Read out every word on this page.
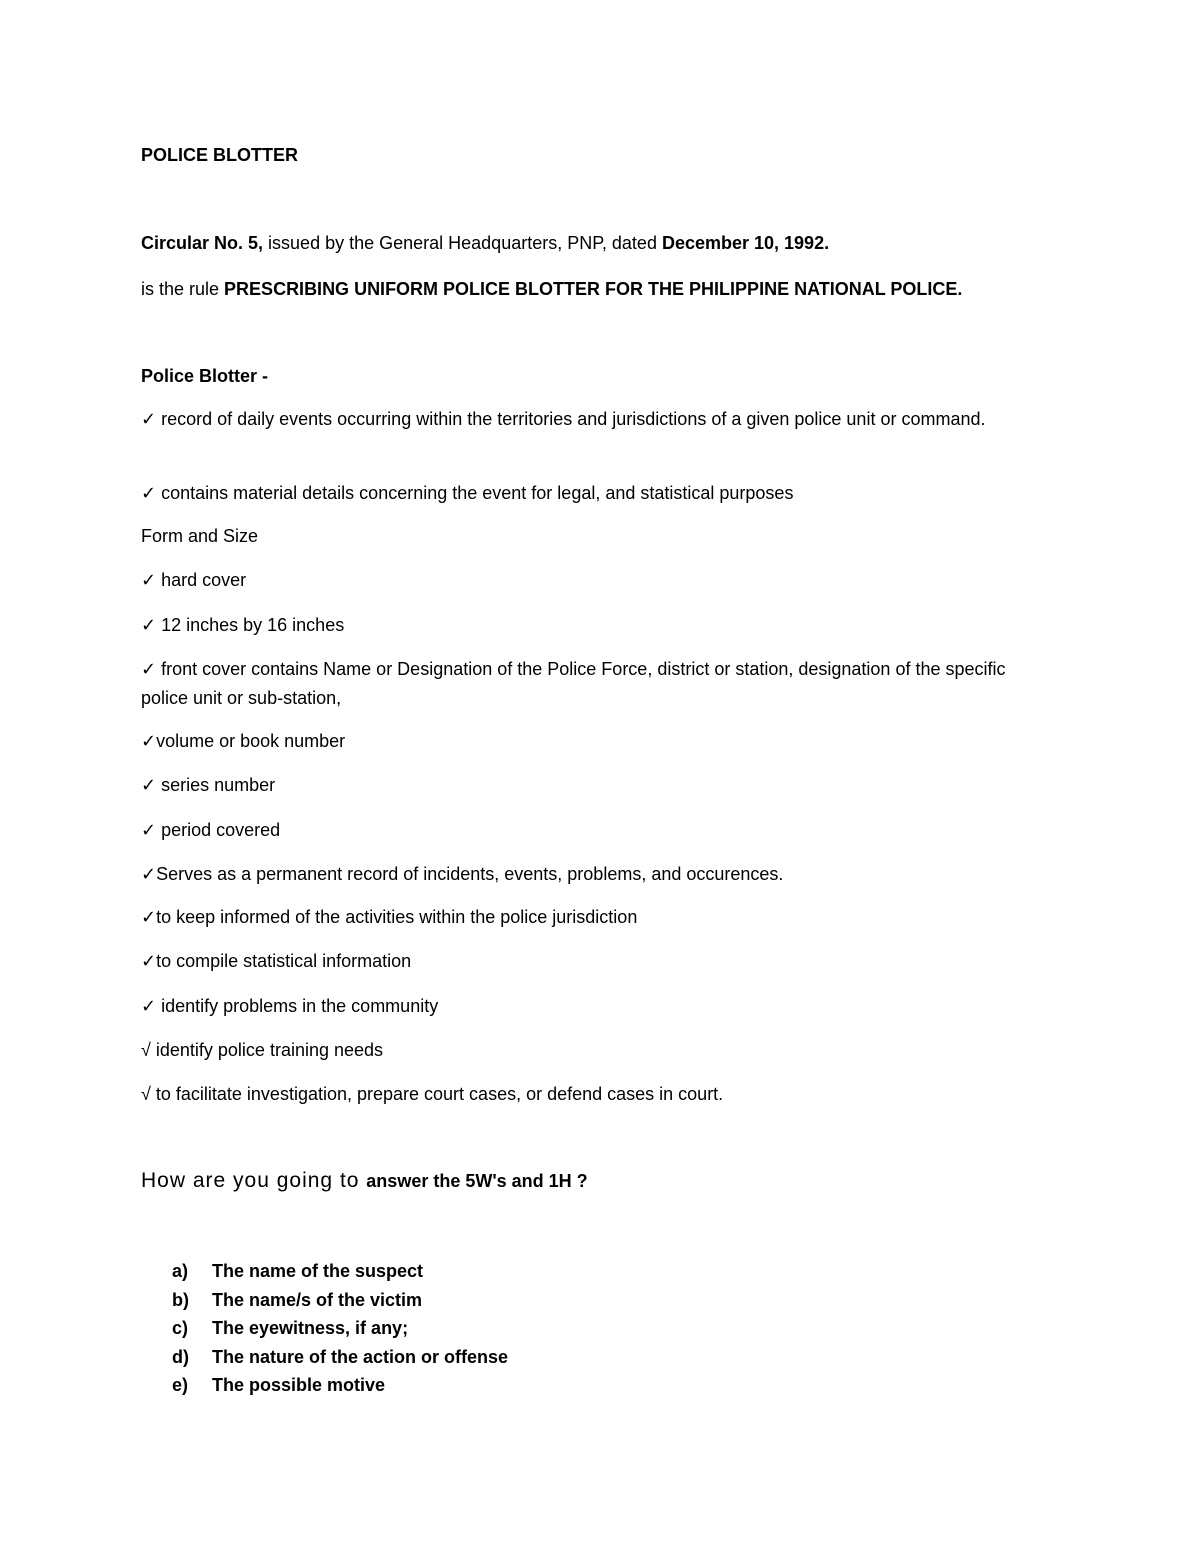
POLICE BLOTTER
Circular No. 5, issued by the General Headquarters, PNP, dated December 10, 1992.
is the rule PRESCRIBING UNIFORM POLICE BLOTTER FOR THE PHILIPPINE NATIONAL POLICE.
Police Blotter -
✓ record of daily events occurring within the territories and jurisdictions of a given police unit or command.
✓ contains material details concerning the event for legal, and statistical purposes
Form and Size
✓ hard cover
✓ 12 inches by 16 inches
✓ front cover contains Name or Designation of the Police Force, district or station, designation of the specific police unit or sub-station,
✓volume or book number
✓ series number
✓ period covered
✓Serves as a permanent record of incidents, events, problems, and occurences.
✓to keep informed of the activities within the police jurisdiction
✓to compile statistical information
✓ identify problems in the community
√ identify police training needs
√ to facilitate investigation, prepare court cases, or defend cases in court.
How are you going to answer the 5W's and 1H ?
a) The name of the suspect
b) The name/s of the victim
c) The eyewitness, if any;
d) The nature of the action or offense
e) The possible motive
